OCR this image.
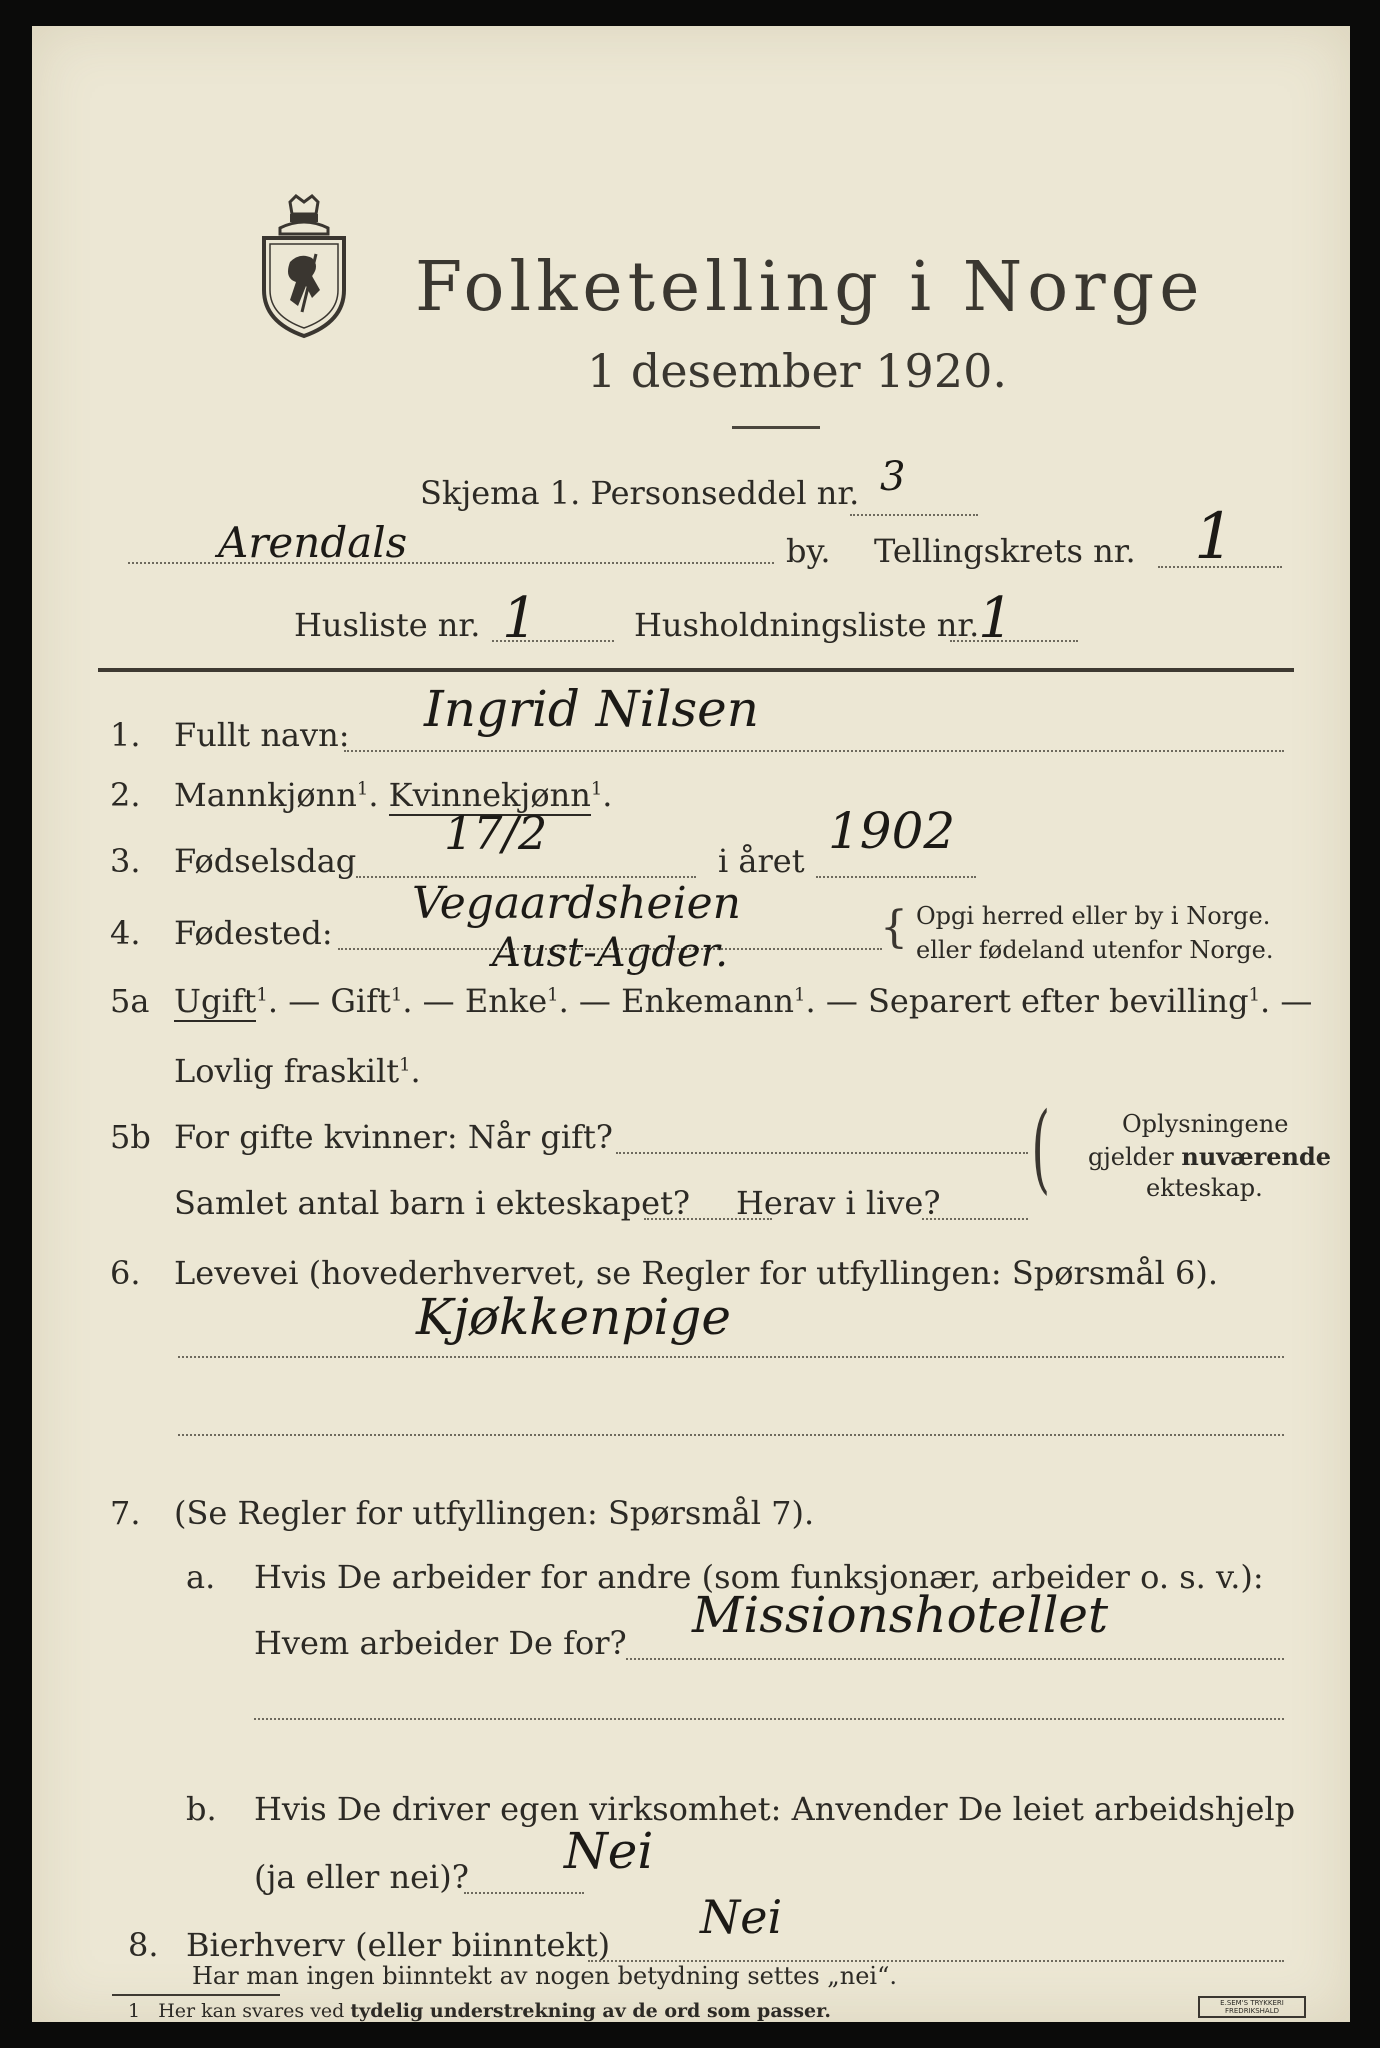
Folketelling i Norge
1 desember 1920.
Skjema 1. Personseddel nr. 3
Arendals	by. Tellingskrets nr. 1
Husliste nr. 1	Husholdningsliste nr.
1
1. Fullt navn: Ingrid Nilsen
2. Mannkjønn$^1$. Kvinnekjønn$^1$.
3. Fødselsdag
17/2
i året
1902
4. Fødested:
Vegaardsheien
Aust-Agder.	{ Opgi herred eller by i Norge.
eller fødeland utenfor Norge.
5a Ugift$^1$. — Gift$^1$. — Enke$^1$. — Enkemann$^1$. — Separert efter bevilling$^1$. —
Lovlig fraskilt$^1$.
5b For gifte kvinner: Når gift?
Samlet antal barn i ekteskapet? Herav i live? (	Oplysningene
gjelder nuværende
ekteskap.
6. Levevei (hovederhvervet, se Regler for utfyllingen: Spørsmål 6).
Kjøkkenpige
7. (Se Regler for utfyllingen: Spørsmål 7).
a. Hvis De arbeider for andre (som funksjonær, arbeider o. s. v.):
Hvem arbeider De for? Missionshotellet
b. Hvis De driver egen virksomhet: Anvender De leiet arbeidshjelp
(ja eller nei)? Nei
8. Bierhverv (eller biinntekt)
Nei
Har man ingen biinntekt av nogen betydning settes „nei“.
1 Her kan svares ved tydelig understrekning av de ord som passer.	E.SEM'S TRYKKERI
FREDRIKSHALD
